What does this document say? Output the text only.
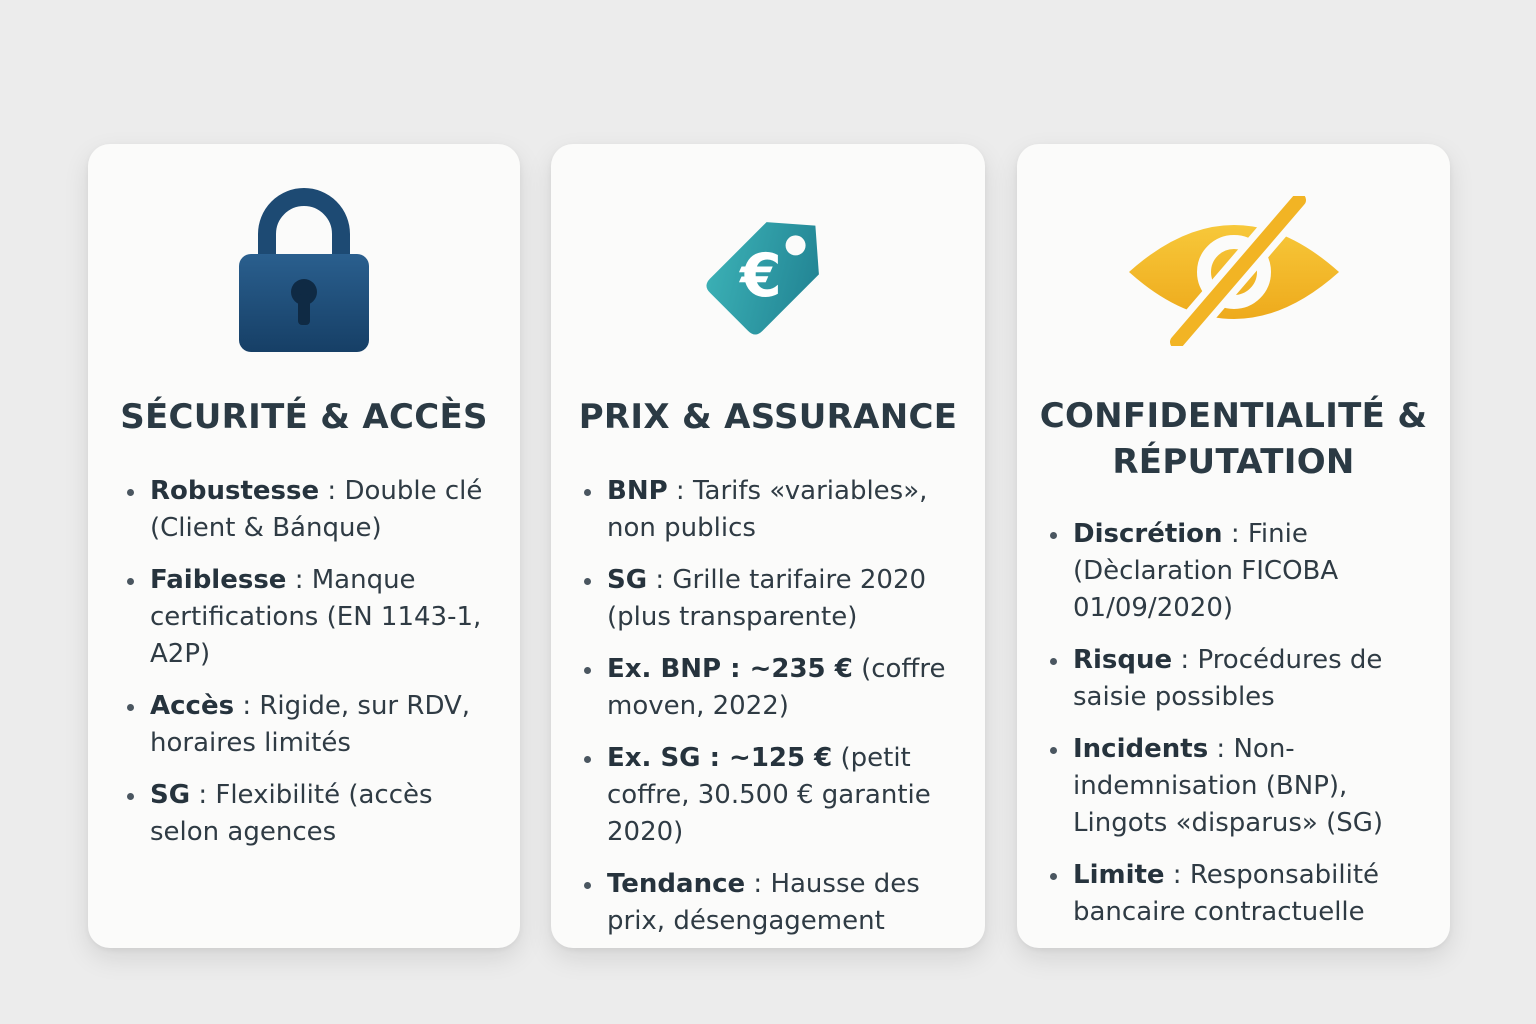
SÉCURITÉ & ACCÈS
Robustesse : Double clé (Client & Bánque)
Faiblesse : Manque certifications (EN 1143-1, A2P)
Accès : Rigide, sur RDV, horaires limités
SG : Flexibilité (accès selon agences
€
PRIX & ASSURANCE
BNP : Tarifs «variables», non publics
SG : Grille tarifaire 2020 (plus transparente)
Ex. BNP : ~235 € (coffre moven, 2022)
Ex. SG : ~125 € (petit coffre, 30.500 € garantie 2020)
Tendance : Hausse des prix, désengagement
CONFIDENTIALITÉ & RÉPUTATION
Discrétion : Finie (Dèclaration FICOBA 01/09/2020)
Risque : Procédures de saisie possibles
Incidents : Non-indemnisation (BNP), Lingots «disparus» (SG)
Limite : Responsabilité bancaire contractuelle
